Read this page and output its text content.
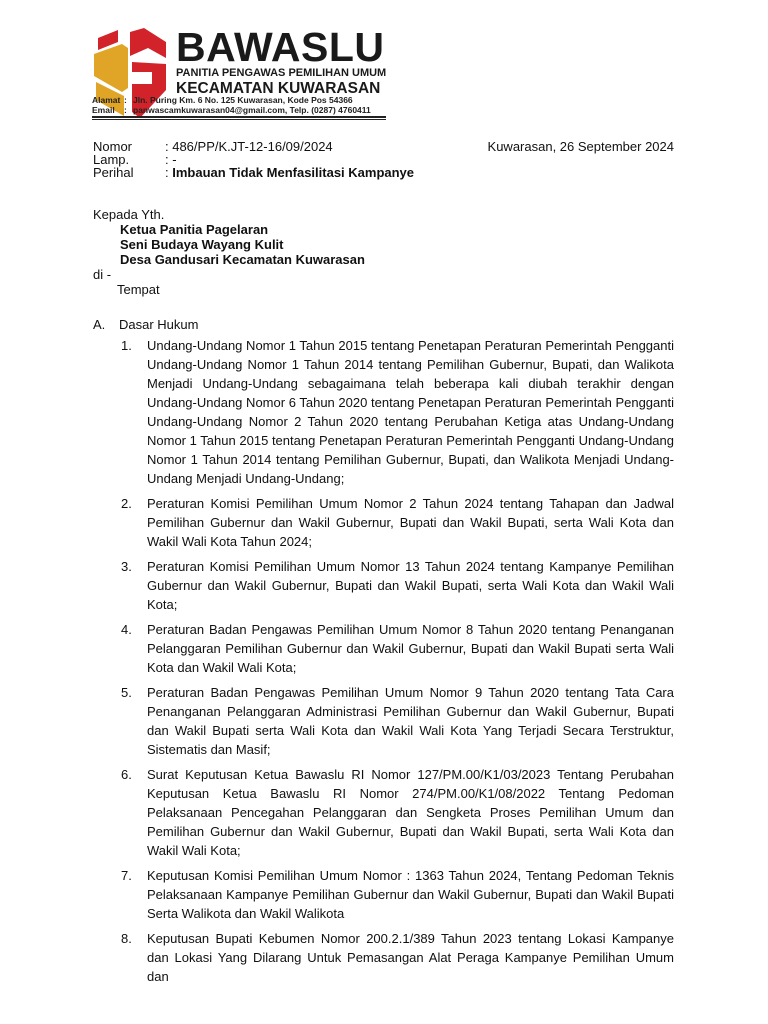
BAWASLU
PANITIA PENGAWAS PEMILIHAN UMUM
KECAMATAN KUWARASAN
Alamat : Jln. Puring Km. 6 No. 125 Kuwarasan, Kode Pos 54366
Email : panwascamkuwarasan04@gmail.com, Telp. (0287) 4760411
Nomor	: 486/PP/K.JT-12-16/09/2024
Lamp.	: -
Perihal : Imbauan Tidak Menfasilitasi Kampanye
Kuwarasan, 26 September 2024
Kepada Yth.
Ketua Panitia Pagelaran
Seni Budaya Wayang Kulit
Desa Gandusari Kecamatan Kuwarasan
di -
Tempat
A. Dasar Hukum
1.	Undang-Undang Nomor 1 Tahun 2015 tentang Penetapan Peraturan Pemerintah Pengganti Undang-Undang Nomor 1 Tahun 2014 tentang Pemilihan Gubernur, Bupati, dan Walikota Menjadi Undang-Undang sebagaimana telah beberapa kali diubah terakhir dengan Undang-Undang Nomor 6 Tahun 2020 tentang Penetapan Peraturan Pemerintah Pengganti Undang-Undang Nomor 2 Tahun 2020 tentang Perubahan Ketiga atas Undang-Undang Nomor 1 Tahun 2015 tentang Penetapan Peraturan Pemerintah Pengganti Undang-Undang Nomor 1 Tahun 2014 tentang Pemilihan Gubernur, Bupati, dan Walikota Menjadi Undang-Undang Menjadi Undang-Undang;
2.	Peraturan Komisi Pemilihan Umum Nomor 2 Tahun 2024 tentang Tahapan dan Jadwal Pemilihan Gubernur dan Wakil Gubernur, Bupati dan Wakil Bupati, serta Wali Kota dan Wakil Wali Kota Tahun 2024;
3.	Peraturan Komisi Pemilihan Umum Nomor 13 Tahun 2024 tentang Kampanye Pemilihan Gubernur dan Wakil Gubernur, Bupati dan Wakil Bupati, serta Wali Kota dan Wakil Wali Kota;
4.	Peraturan Badan Pengawas Pemilihan Umum Nomor 8 Tahun 2020 tentang Penanganan Pelanggaran Pemilihan Gubernur dan Wakil Gubernur, Bupati dan Wakil Bupati serta Wali Kota dan Wakil Wali Kota;
5.	Peraturan Badan Pengawas Pemilihan Umum Nomor 9 Tahun 2020 tentang Tata Cara Penanganan Pelanggaran Administrasi Pemilihan Gubernur dan Wakil Gubernur, Bupati dan Wakil Bupati serta Wali Kota dan Wakil Wali Kota Yang Terjadi Secara Terstruktur, Sistematis dan Masif;
6.	Surat Keputusan Ketua Bawaslu RI Nomor 127/PM.00/K1/03/2023 Tentang Perubahan Keputusan Ketua Bawaslu RI Nomor 274/PM.00/K1/08/2022 Tentang Pedoman Pelaksanaan Pencegahan Pelanggaran dan Sengketa Proses Pemilihan Umum dan Pemilihan Gubernur dan Wakil Gubernur, Bupati dan Wakil Bupati, serta Wali Kota dan Wakil Wali Kota;
7.	Keputusan Komisi Pemilihan Umum Nomor : 1363 Tahun 2024, Tentang Pedoman Teknis Pelaksanaan Kampanye Pemilihan Gubernur dan Wakil Gubernur, Bupati dan Wakil Bupati Serta Walikota dan Wakil Walikota
8.	Keputusan Bupati Kebumen Nomor 200.2.1/389 Tahun 2023 tentang Lokasi Kampanye dan Lokasi Yang Dilarang Untuk Pemasangan Alat Peraga Kampanye Pemilihan Umum dan
